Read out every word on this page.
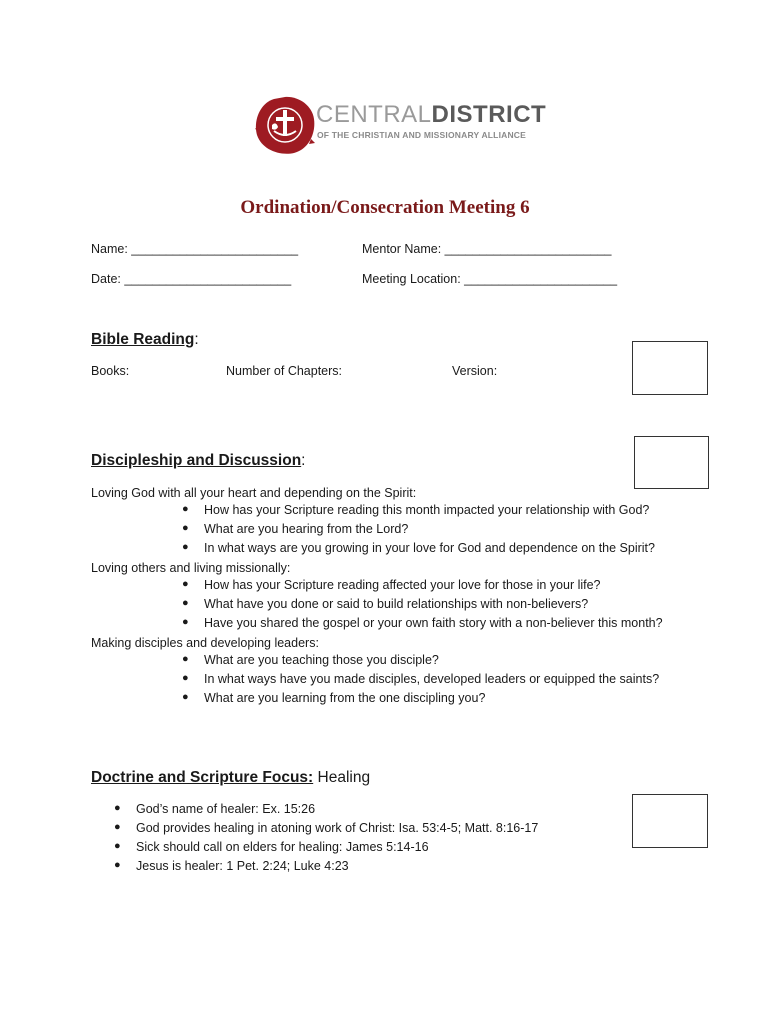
CENTRALDISTRICT
OF THE CHRISTIAN AND MISSIONARY ALLIANCE
Ordination/Consecration Meeting 6
Name: ________________________	Mentor Name: ________________________
Date: ________________________	Meeting Location: ______________________
Bible Reading:
Books:	Number of Chapters:	Version:
Discipleship and Discussion:
Loving God with all your heart and depending on the Spirit:
● How has your Scripture reading this month impacted your relationship with God?
● What are you hearing from the Lord?
● In what ways are you growing in your love for God and dependence on the Spirit?
Loving others and living missionally:
● How has your Scripture reading affected your love for those in your life?
● What have you done or said to build relationships with non-believers?
● Have you shared the gospel or your own faith story with a non-believer this month?
Making disciples and developing leaders:
● What are you teaching those you disciple?
● In what ways have you made disciples, developed leaders or equipped the saints?
● What are you learning from the one discipling you?
Doctrine and Scripture Focus: Healing
● God’s name of healer: Ex. 15:26
● God provides healing in atoning work of Christ: Isa. 53:4-5; Matt. 8:16-17
● Sick should call on elders for healing: James 5:14-16
● Jesus is healer: 1 Pet. 2:24; Luke 4:23
